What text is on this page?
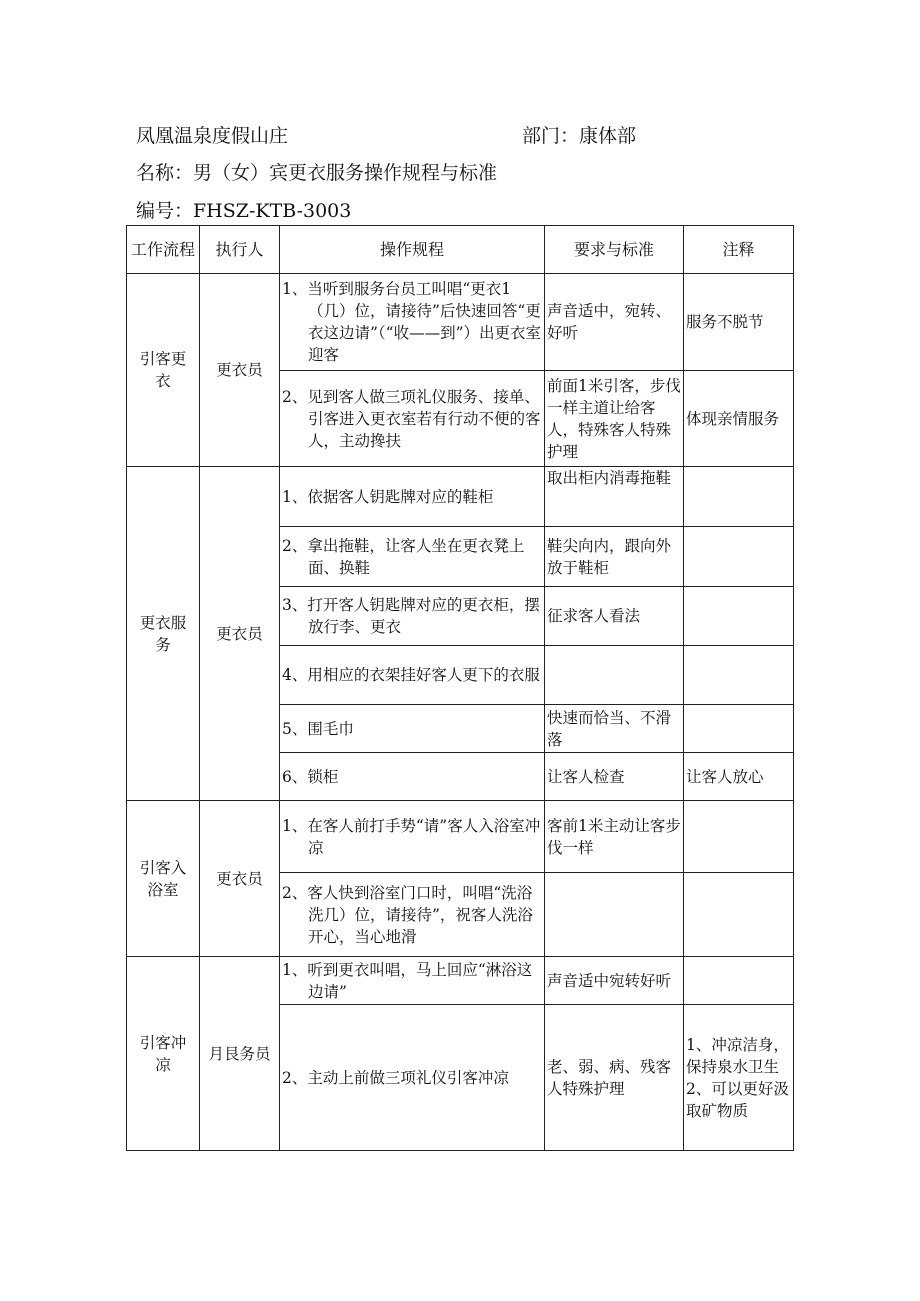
凤凰温泉度假山庄	部门：康体部
名称：男（女）宾更衣服务操作规程与标准
编号：FHSZ-KTB-3003
工作流程	执行人	操作规程	要求与标准	注释
引客更衣	更衣员	1、当听到服务台员工叫唱“更衣1（几）位，请接待”后快速回答“更衣这边请”（“收——到”）出更衣室迎客	声音适中，宛转、好听	服务不脱节

		2、见到客人做三项礼仪服务、接单、引客进入更衣室若有行动不便的客人，主动搀扶	前面1米引客，步伐一样主道让给客人，特殊客人特殊护理	体现亲情服务
更衣服务	更衣员	1、依据客人钥匙牌对应的鞋柜	取出柜内消毒拖鞋	

		2、拿出拖鞋，让客人坐在更衣凳上面、换鞋	鞋尖向内，跟向外放于鞋柜	

		3、打开客人钥匙牌对应的更衣柜，摆放行李、更衣	征求客人看法	

		4、用相应的衣架挂好客人更下的衣服		

		5、围毛巾	快速而恰当、不滑落	

		6、锁柜	让客人检查	让客人放心
引客入浴室	更衣员	1、在客人前打手势“请”客人入浴室冲凉	客前1米主动让客步伐一样	

		2、客人快到浴室门口时，叫唱“洗浴洗几）位，请接待”，祝客人洗浴开心，当心地滑		

引客冲凉	月艮务员	1、听到更衣叫唱，马上回应“淋浴这边请”	声音适中宛转好听	

		2、主动上前做三项礼仪引客冲凉	老、弱、病、残客人特殊护理	1、冲凉洁身，保持泉水卫生
2、可以更好汲取矿物质
